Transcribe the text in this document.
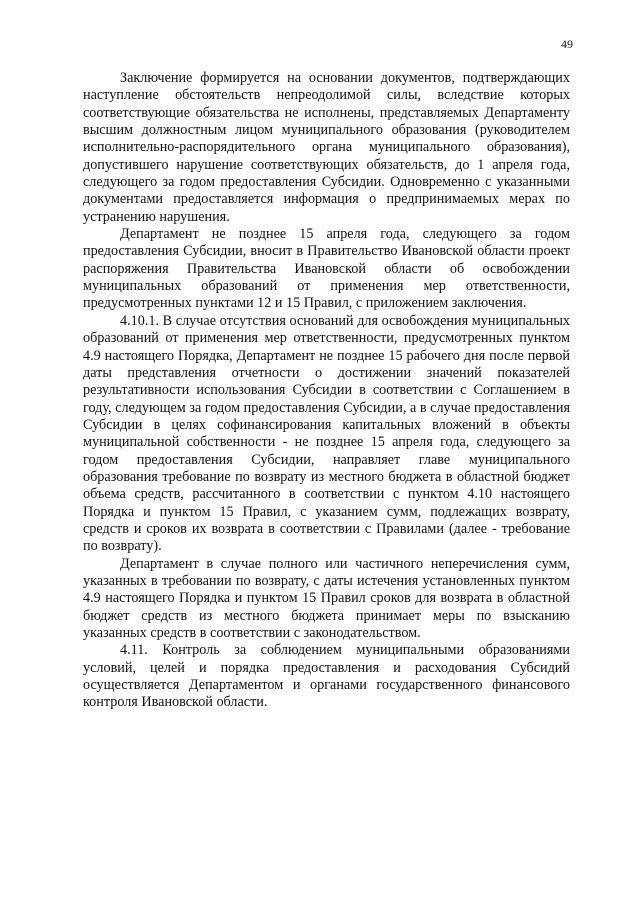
49

Заключение формируется на основании документов, подтверждающих наступление обстоятельств непреодолимой силы, вследствие которых соответствующие обязательства не исполнены, представляемых Департаменту высшим должностным лицом муниципального образования (руководителем исполнительно-распорядительного органа муниципального образования), допустившего нарушение соответствующих обязательств, до 1 апреля года, следующего за годом предоставления Субсидии. Одновременно с указанными документами предоставляется информация о предпринимаемых мерах по устранению нарушения.

Департамент не позднее 15 апреля года, следующего за годом предоставления Субсидии, вносит в Правительство Ивановской области проект распоряжения Правительства Ивановской области об освобождении муниципальных образований от применения мер ответственности, предусмотренных пунктами 12 и 15 Правил, с приложением заключения.

4.10.1. В случае отсутствия оснований для освобождения муниципальных образований от применения мер ответственности, предусмотренных пунктом 4.9 настоящего Порядка, Департамент не позднее 15 рабочего дня после первой даты представления отчетности о достижении значений показателей результативности использования Субсидии в соответствии с Соглашением в году, следующем за годом предоставления Субсидии, а в случае предоставления Субсидии в целях софинансирования капитальных вложений в объекты муниципальной собственности - не позднее 15 апреля года, следующего за годом предоставления Субсидии, направляет главе муниципального образования требование по возврату из местного бюджета в областной бюджет объема средств, рассчитанного в соответствии с пунктом 4.10 настоящего Порядка и пунктом 15 Правил, с указанием сумм, подлежащих возврату, средств и сроков их возврата в соответствии с Правилами (далее - требование по возврату).

Департамент в случае полного или частичного неперечисления сумм, указанных в требовании по возврату, с даты истечения установленных пунктом 4.9 настоящего Порядка и пунктом 15 Правил сроков для возврата в областной бюджет средств из местного бюджета принимает меры по взысканию указанных средств в соответствии с законодательством.

4.11. Контроль за соблюдением муниципальными образованиями условий, целей и порядка предоставления и расходования Субсидий осуществляется Департаментом и органами государственного финансового контроля Ивановской области.
